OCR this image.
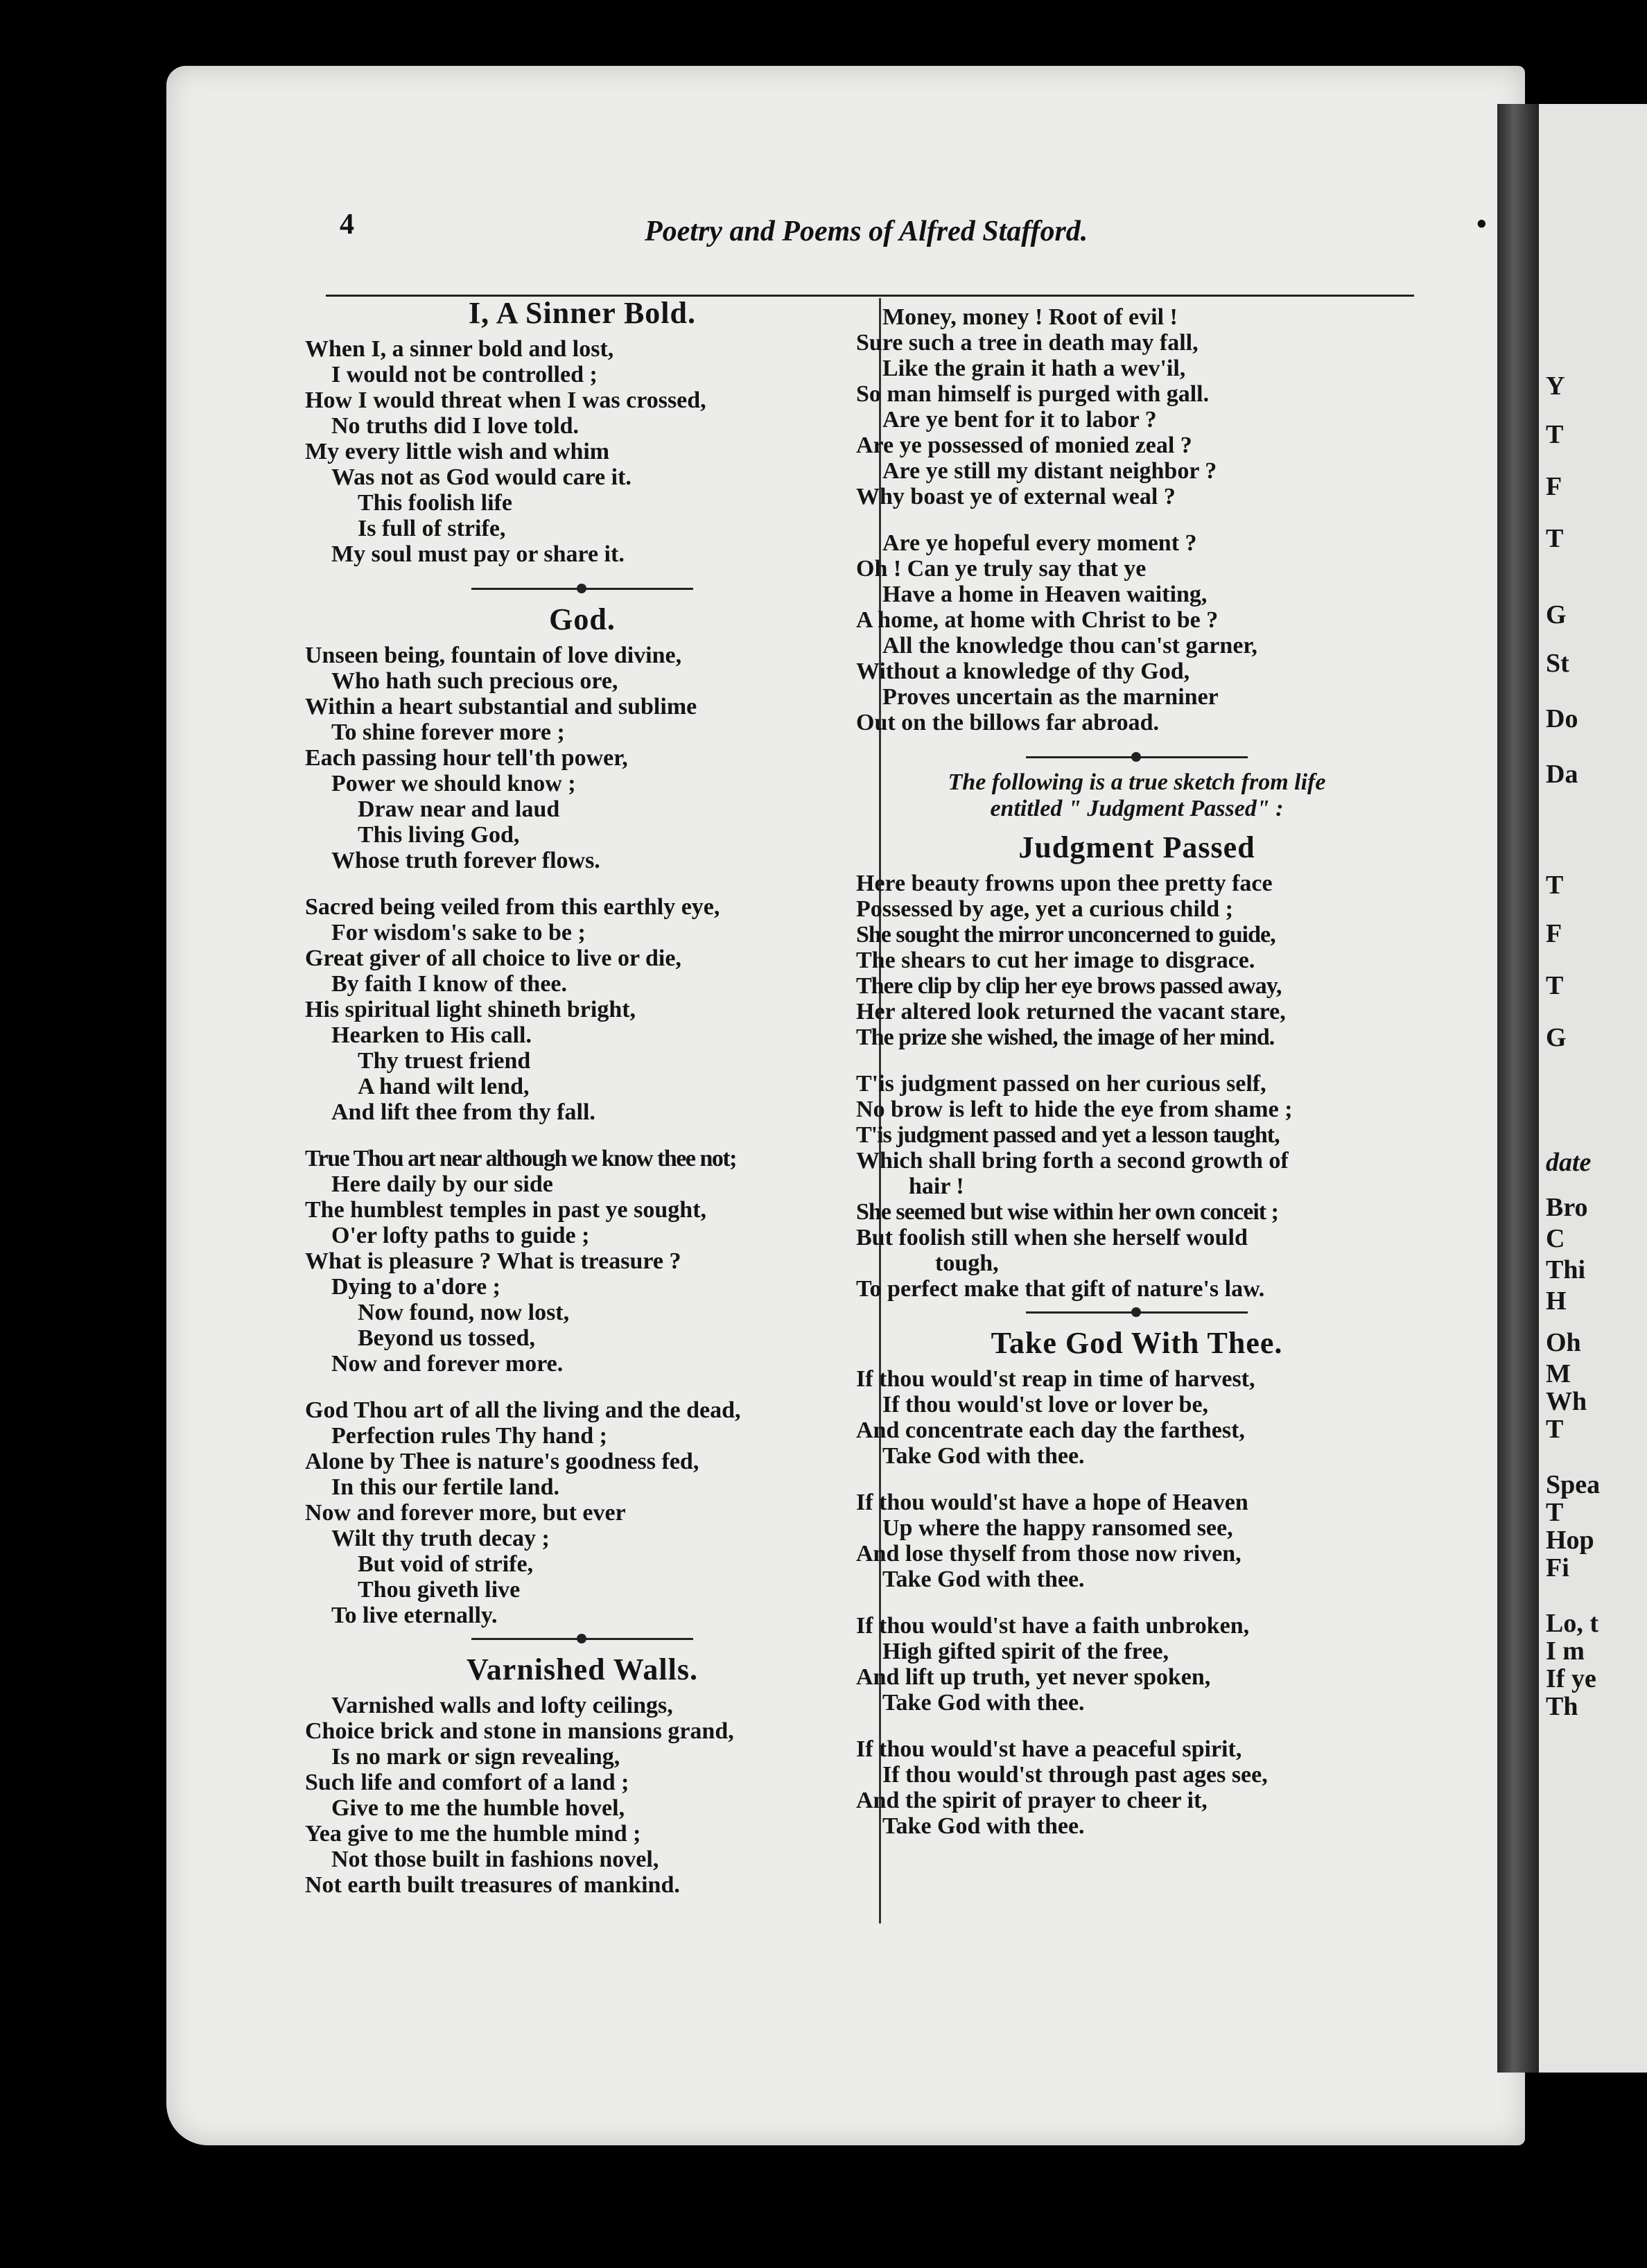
Y
T
F
T
G
St
Do
Da
T
F
T
G
date
Bro
C
Thi
H
Oh
M
Wh
T
Spea
T
Hop
Fi
Lo, t
I m
If ye
Th
4	Poetry and Poems of Alfred Stafford.	•
I, A Sinner Bold.
When I, a sinner bold and lost,
I would not be controlled ;
How I would threat when I was crossed,
No truths did I love told.
My every little wish and whim
Was not as God would care it.
This foolish life
Is full of strife,
My soul must pay or share it.
God.
Unseen being, fountain of love divine,
Who hath such precious ore,
Within a heart substantial and sublime
To shine forever more ;
Each passing hour tell'th power,
Power we should know ;
Draw near and laud
This living God,
Whose truth forever flows.
Sacred being veiled from this earthly eye,
For wisdom's sake to be ;
Great giver of all choice to live or die,
By faith I know of thee.
His spiritual light shineth bright,
Hearken to His call.
Thy truest friend
A hand wilt lend,
And lift thee from thy fall.
True Thou art near although we know thee not;
Here daily by our side
The humblest temples in past ye sought,
O'er lofty paths to guide ;
What is pleasure ? What is treasure ?
Dying to a'dore ;
Now found, now lost,
Beyond us tossed,
Now and forever more.
God Thou art of all the living and the dead,
Perfection rules Thy hand ;
Alone by Thee is nature's goodness fed,
In this our fertile land.
Now and forever more, but ever
Wilt thy truth decay ;
But void of strife,
Thou giveth live
To live eternally.
Varnished Walls.
Varnished walls and lofty ceilings,
Choice brick and stone in mansions grand,
Is no mark or sign revealing,
Such life and comfort of a land ;
Give to me the humble hovel,
Yea give to me the humble mind ;
Not those built in fashions novel,
Not earth built treasures of mankind.
Money, money ! Root of evil !
Sure such a tree in death may fall,
Like the grain it hath a wev'il,
So man himself is purged with gall.
Are ye bent for it to labor ?
Are ye possessed of monied zeal ?
Are ye still my distant neighbor ?
Why boast ye of external weal ?
Are ye hopeful every moment ?
Oh ! Can ye truly say that ye
Have a home in Heaven waiting,
A home, at home with Christ to be ?
All the knowledge thou can'st garner,
Without a knowledge of thy God,
Proves uncertain as the marniner
Out on the billows far abroad.
The following is a true sketch from life
entitled " Judgment Passed" :
Judgment Passed
Here beauty frowns upon thee pretty face
Possessed by age, yet a curious child ;
She sought the mirror unconcerned to guide,
The shears to cut her image to disgrace.
There clip by clip her eye brows passed away,
Her altered look returned the vacant stare,
The prize she wished, the image of her mind.
T'is judgment passed on her curious self,
No brow is left to hide the eye from shame ;
T'is judgment passed and yet a lesson taught,
Which shall bring forth a second growth of
hair !
She seemed but wise within her own conceit ;
But foolish still when she herself would
tough,
To perfect make that gift of nature's law.
Take God With Thee.
If thou would'st reap in time of harvest,
If thou would'st love or lover be,
And concentrate each day the farthest,
Take God with thee.
If thou would'st have a hope of Heaven
Up where the happy ransomed see,
And lose thyself from those now riven,
Take God with thee.
If thou would'st have a faith unbroken,
High gifted spirit of the free,
And lift up truth, yet never spoken,
Take God with thee.
If thou would'st have a peaceful spirit,
If thou would'st through past ages see,
And the spirit of prayer to cheer it,
Take God with thee.
